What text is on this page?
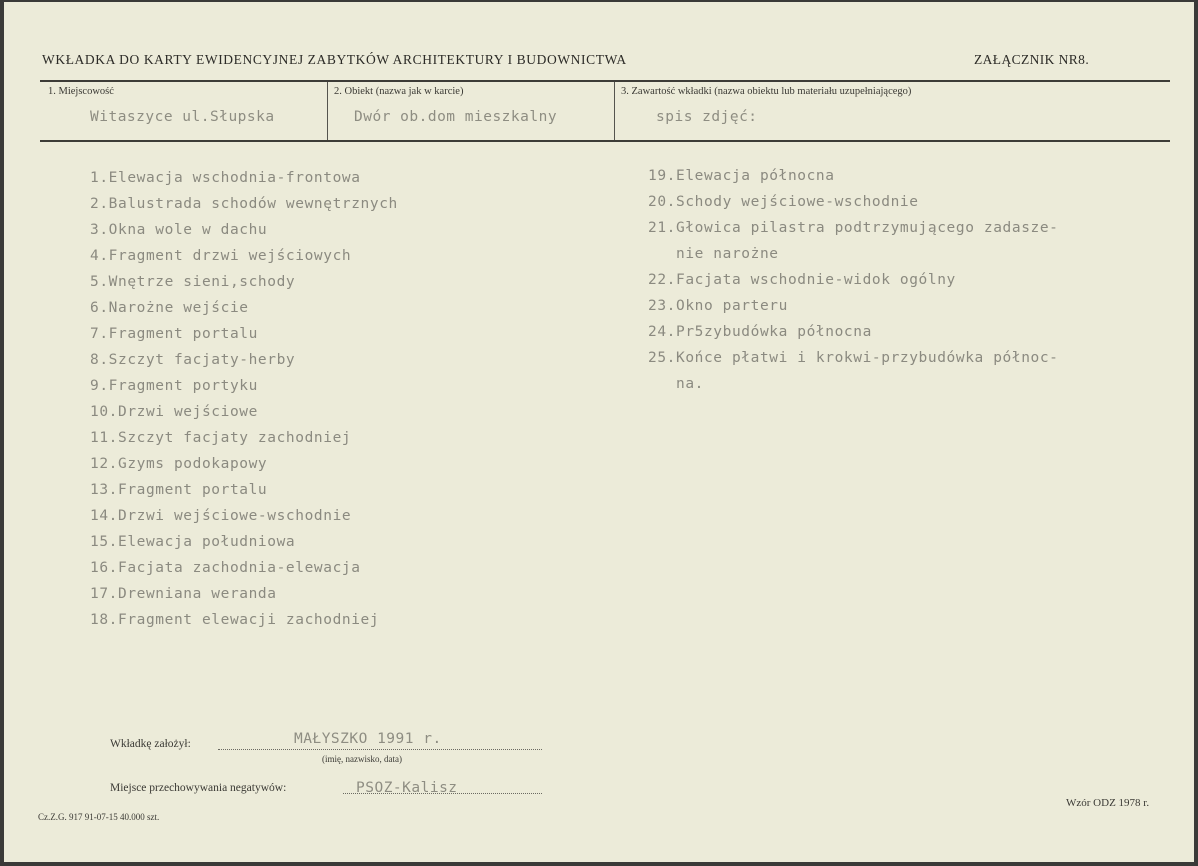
WKŁADKA DO KARTY EWIDENCYJNEJ ZABYTKÓW ARCHITEKTURY I BUDOWNICTWA	ZAŁĄCZNIK NR8.
1. Miejscowość	2. Obiekt (nazwa jak w karcie)	3. Zawartość wkładki (nazwa obiektu lub materiału uzupełniającego)
Witaszyce ul.Słupska	Dwór ob.dom mieszkalny	spis zdjęć:
1.Elewacja wschodnia-frontowa
2.Balustrada schodów wewnętrznych
3.Okna wole w dachu
4.Fragment drzwi wejściowych
5.Wnętrze sieni,schody
6.Narożne wejście
7.Fragment portalu
8.Szczyt facjaty-herby
9.Fragment portyku
10.Drzwi wejściowe
11.Szczyt facjaty zachodniej
12.Gzyms podokapowy
13.Fragment portalu
14.Drzwi wejściowe-wschodnie
15.Elewacja południowa
16.Facjata zachodnia-elewacja
17.Drewniana weranda
18.Fragment elewacji zachodniej
19.Elewacja północna
20.Schody wejściowe-wschodnie
21.Głowica pilastra podtrzymującego zadasze-
nie narożne
22.Facjata wschodnie-widok ogólny
23.Okno parteru
24.Pr5zybudówka północna
25.Końce płatwi i krokwi-przybudówka północ-
na.
Wkładkę założył:	MAŁYSZKO 1991 r.
(imię, nazwisko, data)
Miejsce przechowywania negatywów:	PSOZ-Kalisz
Cz.Z.G. 917 91-07-15 40.000 szt.
Wzór ODZ 1978 r.
